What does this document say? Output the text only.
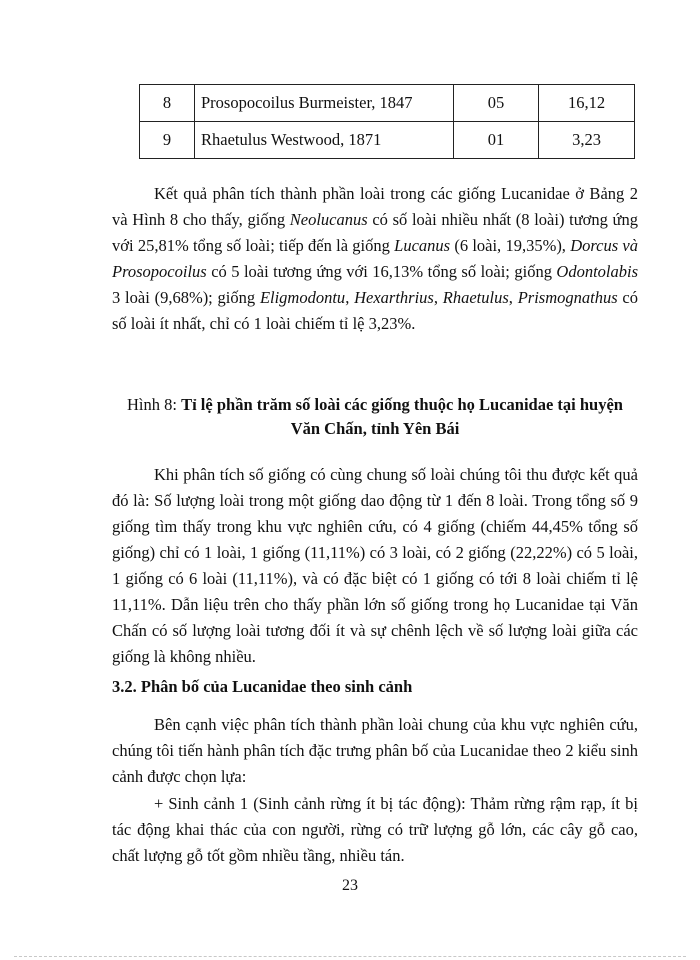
8	Prosopocoilus Burmeister, 1847	05	16,12
9	Rhaetulus Westwood, 1871	01	3,23

Kết quả phân tích thành phần loài trong các giống Lucanidae ở Bảng 2 và Hình 8 cho thấy, giống Neolucanus có số loài nhiều nhất (8 loài) tương ứng với 25,81% tổng số loài; tiếp đến là giống Lucanus (6 loài, 19,35%), Dorcus và Prosopocoilus có 5 loài tương ứng với 16,13% tổng số loài; giống Odontolabis 3 loài (9,68%); giống Eligmodontu, Hexarthrius, Rhaetulus, Prismognathus có số loài ít nhất, chỉ có 1 loài chiếm tỉ lệ 3,23%.

Hình 8: Tỉ lệ phần trăm số loài các giống thuộc họ Lucanidae tại huyện Văn Chấn, tỉnh Yên Bái

Khi phân tích số giống có cùng chung số loài chúng tôi thu được kết quả đó là: Số lượng loài trong một giống dao động từ 1 đến 8 loài. Trong tổng số 9 giống tìm thấy trong khu vực nghiên cứu, có 4 giống (chiếm 44,45% tổng số giống) chỉ có 1 loài, 1 giống (11,11%) có 3 loài, có 2 giống (22,22%) có 5 loài, 1 giống có 6 loài (11,11%), và có đặc biệt có 1 giống có tới 8 loài chiếm tỉ lệ 11,11%. Dẫn liệu trên cho thấy phần lớn số giống trong họ Lucanidae tại Văn Chấn có số lượng loài tương đối ít và sự chênh lệch về số lượng loài giữa các giống là không nhiều.

3.2. Phân bố của Lucanidae theo sinh cảnh

Bên cạnh việc phân tích thành phần loài chung của khu vực nghiên cứu, chúng tôi tiến hành phân tích đặc trưng phân bố của Lucanidae theo 2 kiểu sinh cảnh được chọn lựa:

+ Sinh cảnh 1 (Sinh cảnh rừng ít bị tác động): Thảm rừng rậm rạp, ít bị tác động khai thác của con người, rừng có trữ lượng gỗ lớn, các cây gỗ cao, chất lượng gỗ tốt gồm nhiều tầng, nhiều tán.

23
